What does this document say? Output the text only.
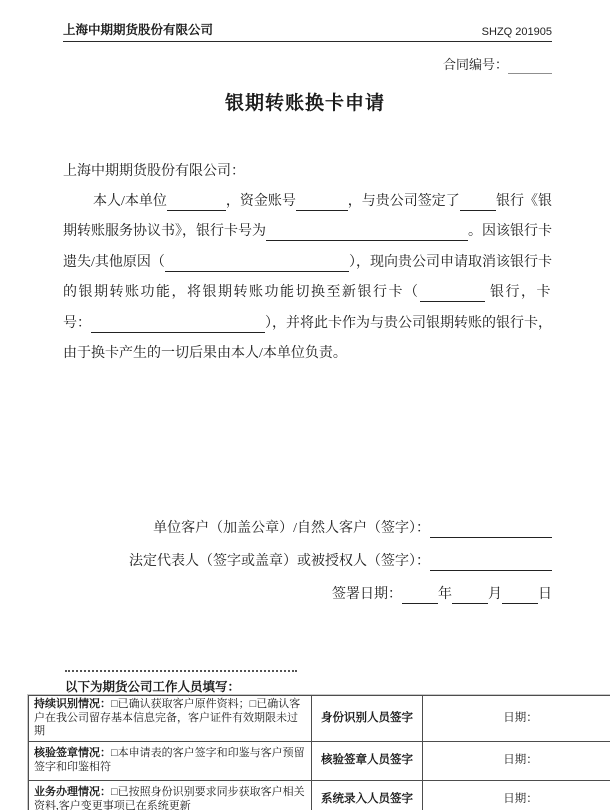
上海中期期货股份有限公司	SHZQ 201905
合同编号：
银期转账换卡申请
上海中期期货股份有限公司：
本人/本单位
	，资金账号
	，与贵公司签定了
	银行《银
期转账服务协议书》，银行卡号为
	。因该银行卡
遗失/其他原因（
	），现向贵公司申请取消该银行卡
的银期转账功能，将银期转账功能切换至新银行卡（
	银行，卡
号：
	），并将此卡作为与贵公司银期转账的银行卡，
由于换卡产生的一切后果由本人/本单位负责。
单位客户（加盖公章）/自然人客户（签字）：

法定代表人（签字或盖章）或被授权人（签字）：

签署日期：
	年
	月
	日
以下为期货公司工作人员填写：
持续识别情况：□已确认获取客户原件资料；□已确认客户在我公司留存基本信息完备，客户证件有效期限未过期	身份识别人员签字	日期：
核验签章情况：□本申请表的客户签字和印鉴与客户预留签字和印鉴相符	核验签章人员签字	日期：
业务办理情况：□已按照身份识别要求同步获取客户相关资料,客户变更事项已在系统更新	系统录入人员签字	日期：
